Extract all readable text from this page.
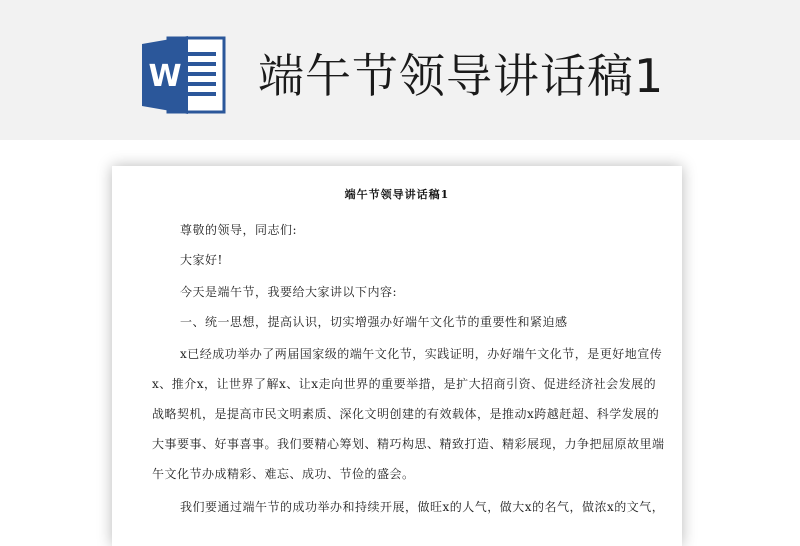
W 端午节领导讲话稿1
端午节领导讲话稿1
尊敬的领导，同志们:
大家好!
今天是端午节，我要给大家讲以下内容:
一、统一思想，提高认识，切实增强办好端午文化节的重要性和紧迫感
x已经成功举办了两届国家级的端午文化节，实践证明，办好端午文化节，是更好地宣传
x、推介x，让世界了解x、让x走向世界的重要举措，是扩大招商引资、促进经济社会发展的
战略契机，是提高市民文明素质、深化文明创建的有效载体，是推动x跨越赶超、科学发展的
大事要事、好事喜事。我们要精心筹划、精巧构思、精致打造、精彩展现，力争把屈原故里端
午文化节办成精彩、难忘、成功、节俭的盛会。
我们要通过端午节的成功举办和持续开展，做旺x的人气，做大x的名气，做浓x的文气，
